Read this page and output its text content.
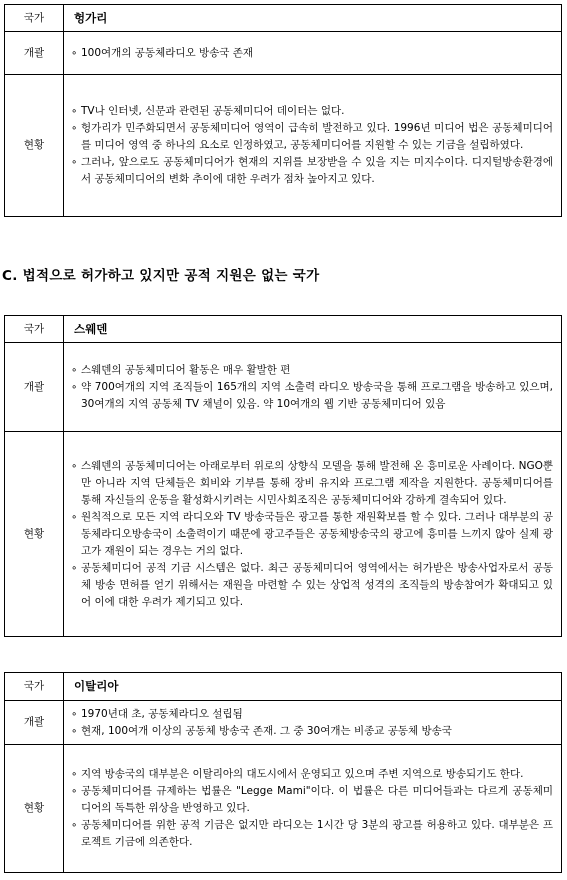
국가	헝가리
개괄	∘ 100여개의 공동체라디오 방송국 존재

현황	∘ TV나 인터넷, 신문과 관련된 공동체미디어 데이터는 없다.
∘ 헝가리가 민주화되면서 공동체미디어 영역이 급속히 발전하고 있다. 1996년 미디어 법은 공동체미디어를 미디어 영역 중 하나의 요소로 인정하였고, 공동체미디어를 지원할 수 있는 기금을 설립하였다.
∘ 그러나, 앞으로도 공동체미디어가 현재의 지위를 보장받을 수 있을 지는 미지수이다. 디지털방송환경에서 공동체미디어의 변화 추이에 대한 우려가 점차 높아지고 있다.
C. 법적으로 허가하고 있지만 공적 지원은 없는 국가
국가	스웨덴
개괄	∘ 스웨덴의 공동체미디어 활동은 매우 활발한 편
∘ 약 700여개의 지역 조직들이 165개의 지역 소출력 라디오 방송국을 통해 프로그램을 방송하고 있으며, 30여개의 지역 공동체 TV 채널이 있음. 약 10여개의 웹 기반 공동체미디어 있음

현황	∘ 스웨덴의 공동체미디어는 아래로부터 위로의 상향식 모델을 통해 발전해 온 흥미로운 사례이다. NGO뿐만 아니라 지역 단체들은 회비와 기부를 통해 장비 유지와 프로그램 제작을 지원한다. 공동체미디어를 통해 자신들의 운동을 활성화시키려는 시민사회조직은 공동체미디어와 강하게 결속되어 있다.
∘ 원칙적으로 모든 지역 라디오와 TV 방송국들은 광고를 통한 재원확보를 할 수 있다. 그러나 대부분의 공동체라디오방송국이 소출력이기 때문에 광고주들은 공동체방송국의 광고에 흥미를 느끼지 않아 실제 광고가 재원이 되는 경우는 거의 없다.
∘ 공동체미디어 공적 기금 시스템은 없다. 최근 공동체미디어 영역에서는 허가받은 방송사업자로서 공동체 방송 면허를 얻기 위해서는 재원을 마련할 수 있는 상업적 성격의 조직들의 방송참여가 확대되고 있어 이에 대한 우려가 제기되고 있다.
국가	이탈리아
개괄	∘ 1970년대 초, 공동체라디오 설립됨
∘ 현재, 100여개 이상의 공동체 방송국 존재. 그 중 30여개는 비종교 공동체 방송국

현황	∘ 지역 방송국의 대부분은 이탈리아의 대도시에서 운영되고 있으며 주변 지역으로 방송되기도 한다.
∘ 공동체미디어를 규제하는 법률은 "Legge Mami"이다. 이 법률은 다른 미디어들과는 다르게 공동체미디어의 독특한 위상을 반영하고 있다.
∘ 공동체미디어를 위한 공적 기금은 없지만 라디오는 1시간 당 3분의 광고를 허용하고 있다. 대부분은 프로젝트 기금에 의존한다.
